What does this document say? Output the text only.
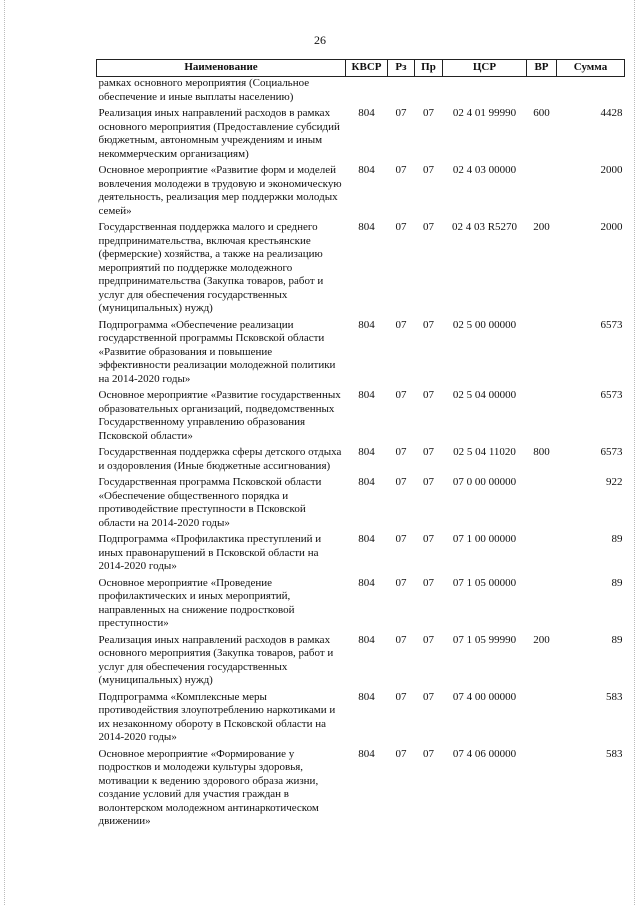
26
Наименование	КВСР	Рз	Пр	ЦСР	ВР	Сумма
рамках основного мероприятия (Социальное обеспечение и иные выплаты населению)						
Реализация иных направлений расходов в рамках основного мероприятия (Предоставление субсидий бюджетным, автономным учреждениям и иным некоммерческим организациям)	804	07	07	02 4 01 99990	600	4428
Основное мероприятие «Развитие форм и моделей вовлечения молодежи в трудовую и экономическую деятельность, реализация мер поддержки молодых семей»	804	07	07	02 4 03 00000		2000
Государственная поддержка малого и среднего предпринимательства, включая крестьянские (фермерские) хозяйства, а также на реализацию мероприятий по поддержке молодежного предпринимательства (Закупка товаров, работ и услуг для обеспечения государственных (муниципальных) нужд)	804	07	07	02 4 03 R5270	200	2000
Подпрограмма «Обеспечение реализации государственной программы Псковской области «Развитие образования и повышение эффективности реализации молодежной политики на 2014-2020 годы»	804	07	07	02 5 00 00000		6573
Основное мероприятие «Развитие государственных образовательных организаций, подведомственных Государственному управлению образования Псковской области»	804	07	07	02 5 04 00000		6573
Государственная поддержка сферы детского отдыха и оздоровления (Иные бюджетные ассигнования)	804	07	07	02 5 04 11020	800	6573
Государственная программа Псковской области «Обеспечение общественного порядка и противодействие преступности в Псковской области на 2014-2020 годы»	804	07	07	07 0 00 00000		922
Подпрограмма «Профилактика преступлений и иных правонарушений в Псковской области на 2014-2020 годы»	804	07	07	07 1 00 00000		89
Основное мероприятие «Проведение профилактических и иных мероприятий, направленных на снижение подростковой преступности»	804	07	07	07 1 05 00000		89
Реализация иных направлений расходов в рамках основного мероприятия (Закупка товаров, работ и услуг для обеспечения государственных (муниципальных) нужд)	804	07	07	07 1 05 99990	200	89
Подпрограмма «Комплексные меры противодействия злоупотреблению наркотиками и их незаконному обороту в Псковской области на 2014-2020 годы»	804	07	07	07 4 00 00000		583
Основное мероприятие «Формирование у подростков и молодежи культуры здоровья, мотивации к ведению здорового образа жизни, создание условий для участия граждан в волонтерском молодежном антинаркотическом движении»	804	07	07	07 4 06 00000		583
